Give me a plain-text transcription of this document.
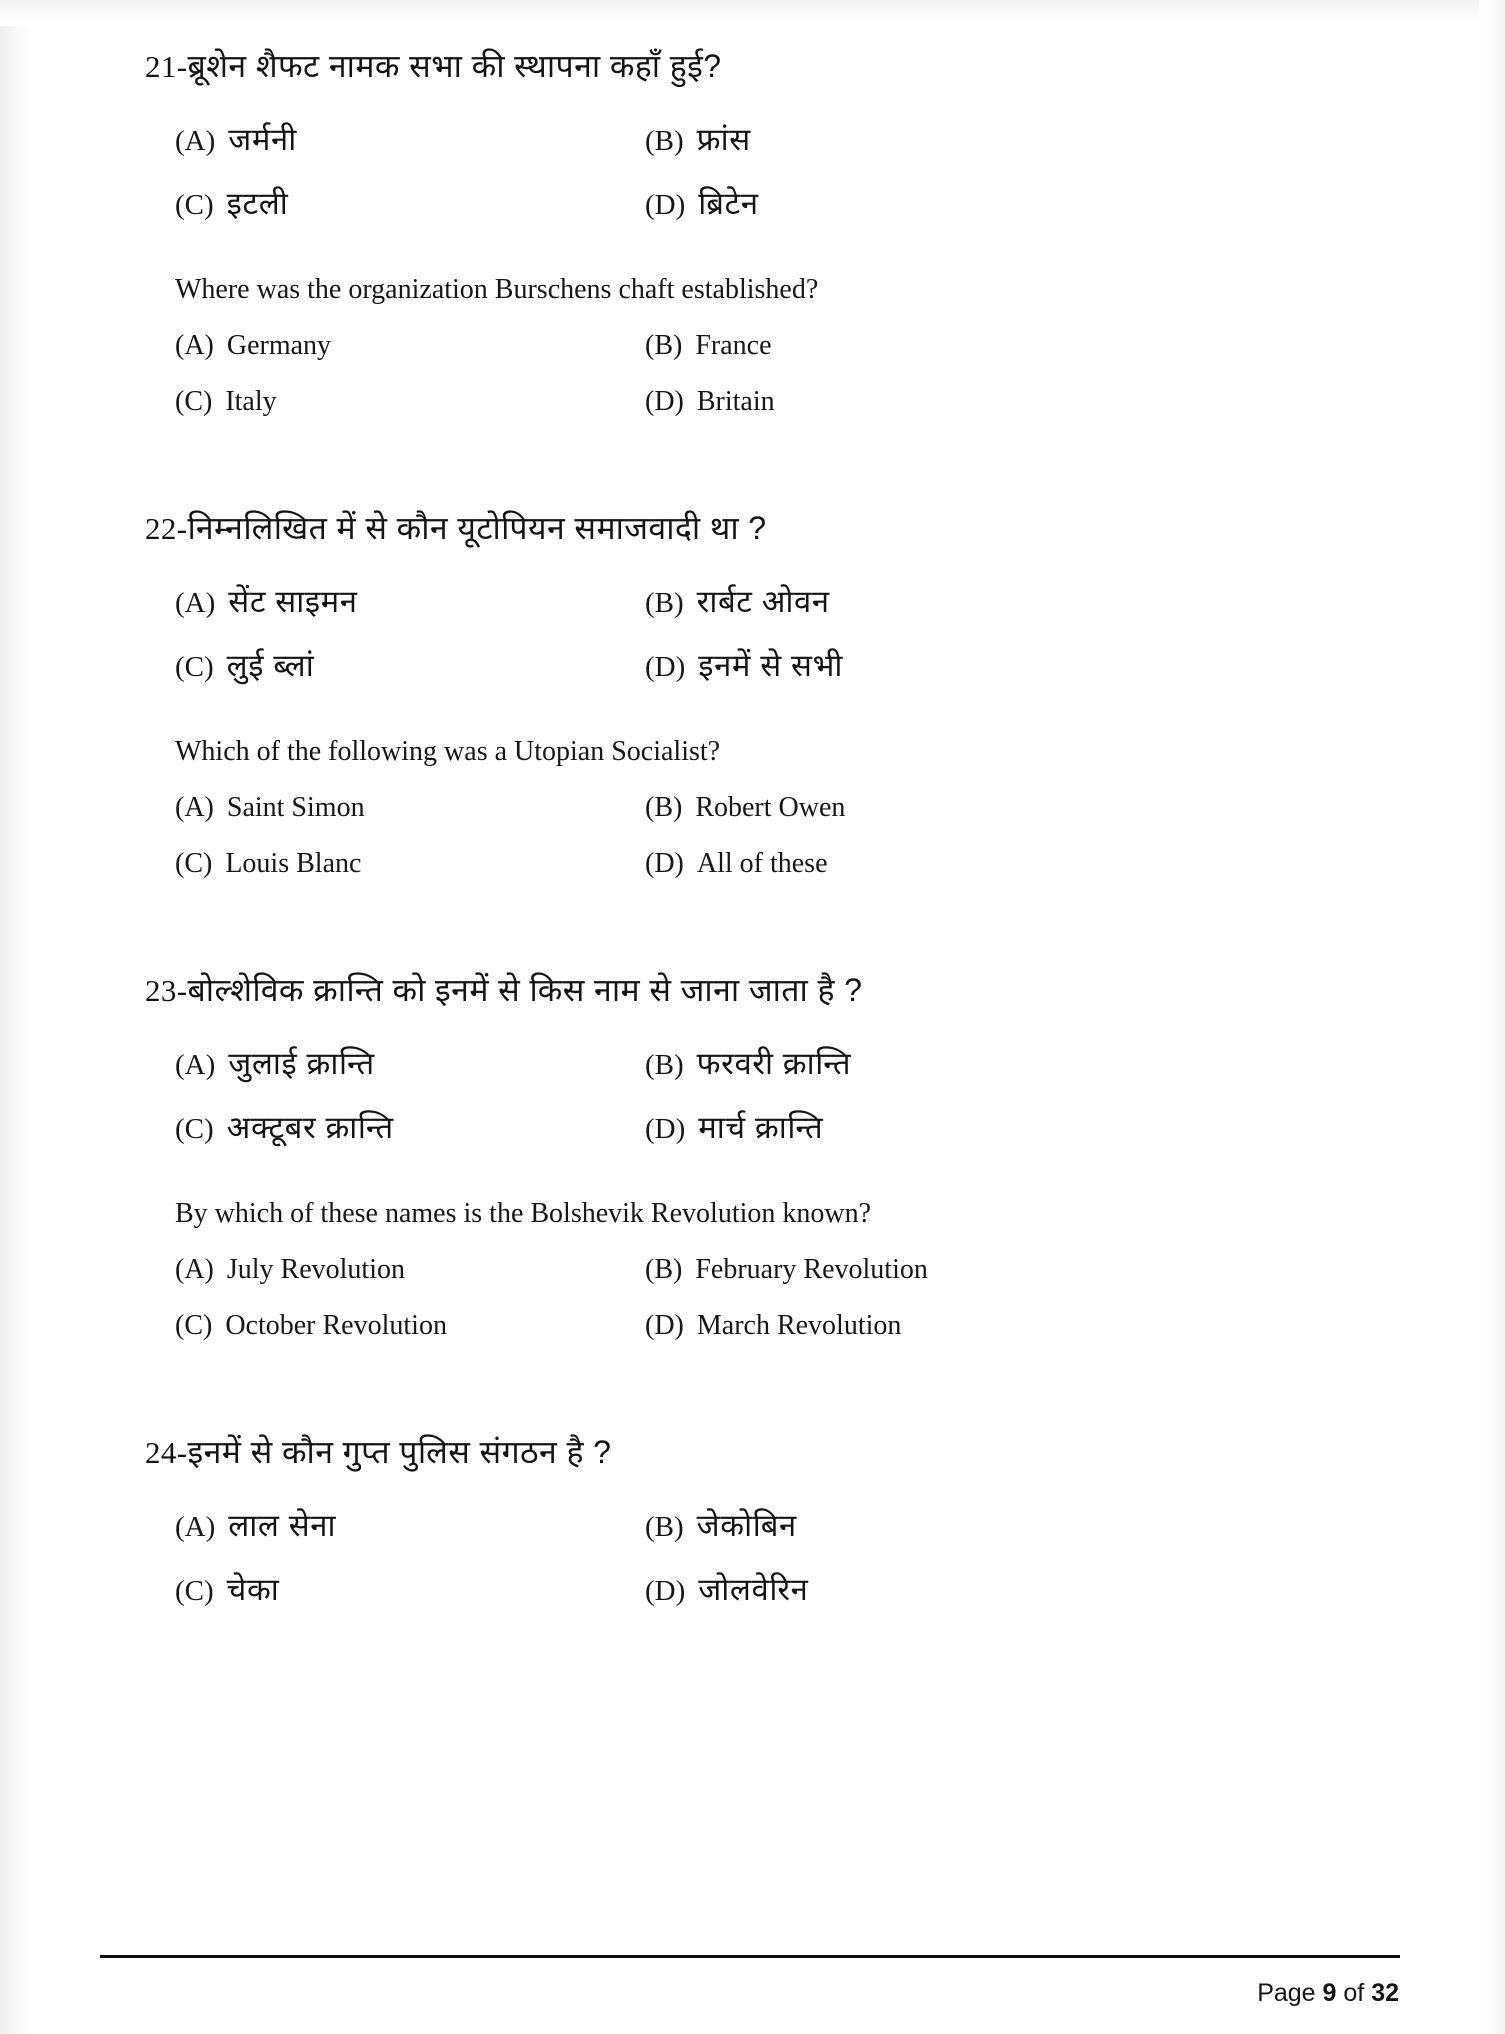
21-ब्रूशेन शैफट नामक सभा की स्थापना कहाँ हुई?
(A) जर्मनी	(B) फ्रांस
(C) इटली	(D) ब्रिटेन
Where was the organization Burschens chaft established?
(A) Germany	(B) France
(C) Italy	(D) Britain
22-निम्नलिखित में से कौन यूटोपियन समाजवादी था ?
(A) सेंट साइमन	(B) रार्बट ओवन
(C) लुई ब्लां	(D) इनमें से सभी
Which of the following was a Utopian Socialist?
(A) Saint Simon	(B) Robert Owen
(C) Louis Blanc	(D) All of these
23-बोल्शेविक क्रान्ति को इनमें से किस नाम से जाना जाता है ?
(A) जुलाई क्रान्ति	(B) फरवरी क्रान्ति
(C) अक्टूबर क्रान्ति	(D) मार्च क्रान्ति
By which of these names is the Bolshevik Revolution known?
(A) July Revolution	(B) February Revolution
(C) October Revolution	(D) March Revolution
24-इनमें से कौन गुप्त पुलिस संगठन है ?
(A) लाल सेना	(B) जेकोबिन
(C) चेका	(D) जोलवेरिन
Page 9 of 32
